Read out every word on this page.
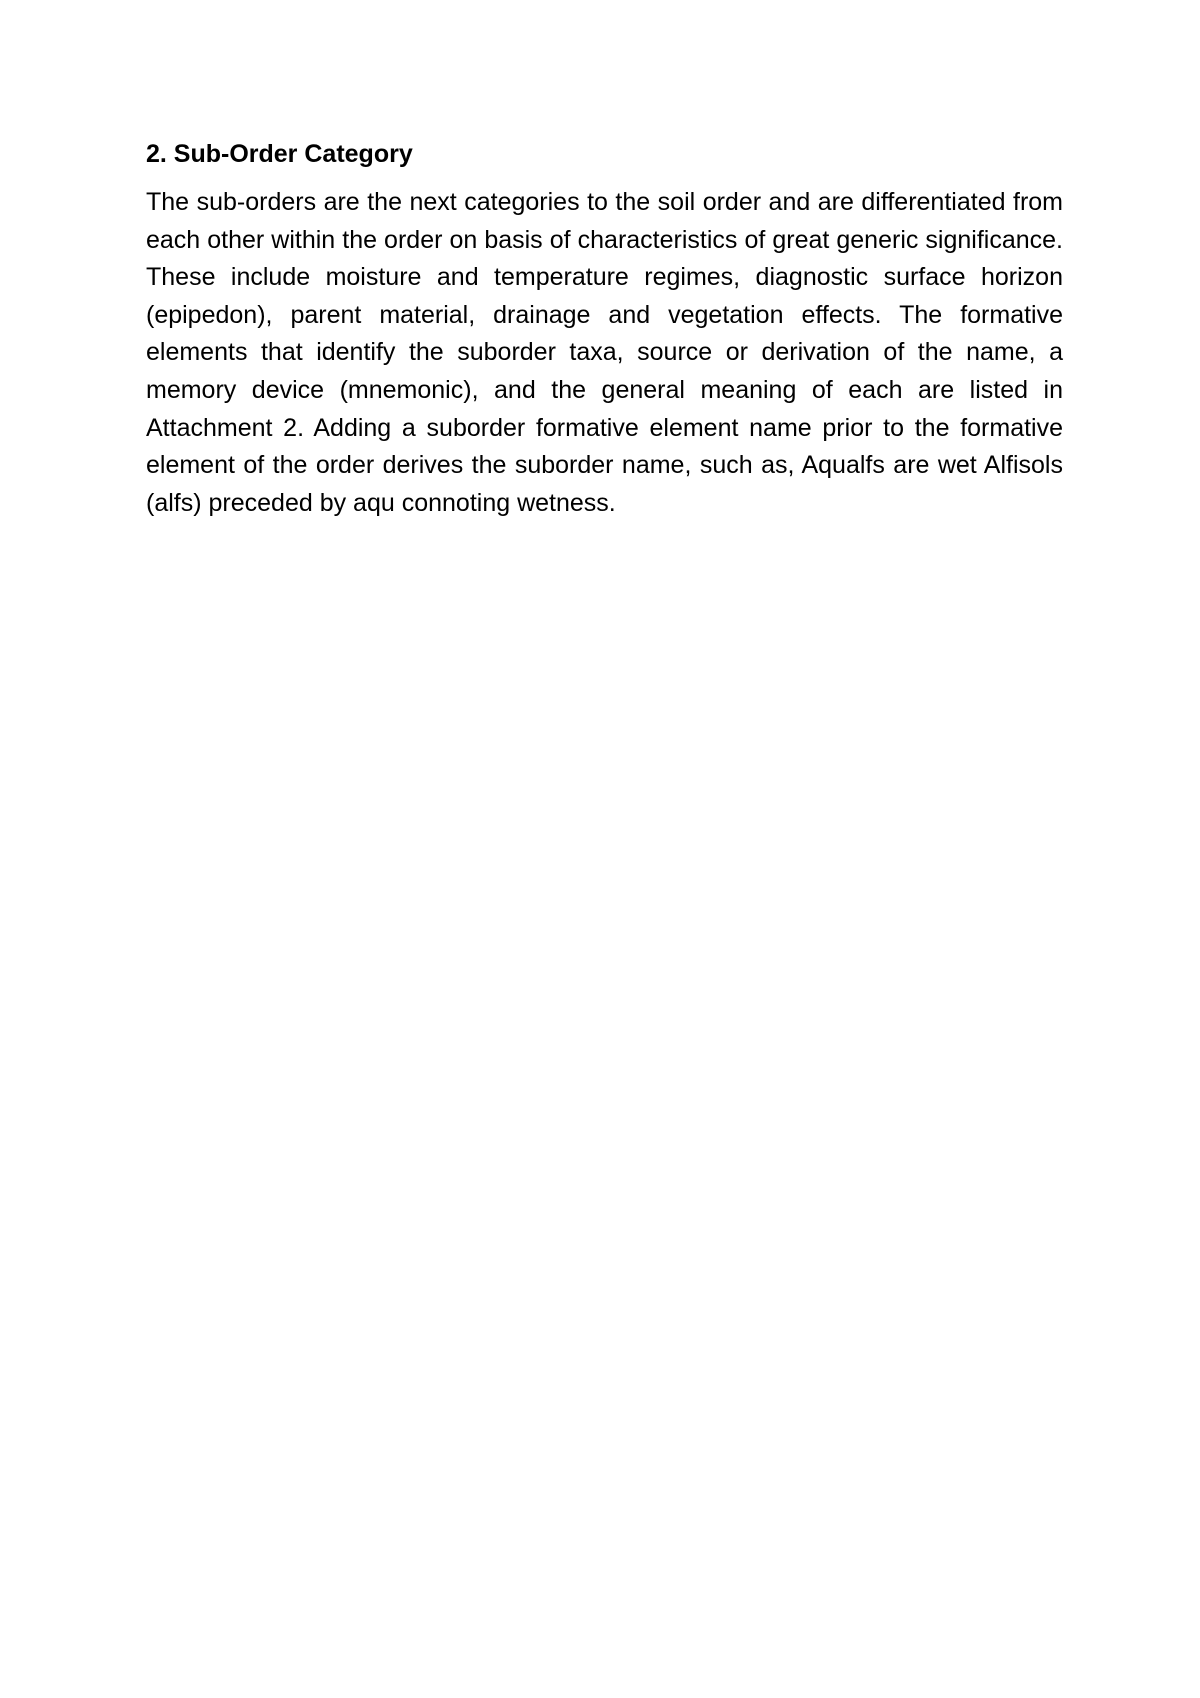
2. Sub-Order Category

The sub-orders are the next categories to the soil order and are differentiated from each other within the order on basis of characteristics of great generic significance. These include moisture and temperature regimes, diagnostic surface horizon (epipedon), parent material, drainage and vegetation effects. The formative elements that identify the suborder taxa, source or derivation of the name, a memory device (mnemonic), and the general meaning of each are listed in Attachment 2. Adding a suborder formative element name prior to the formative element of the order derives the suborder name, such as, Aqualfs are wet Alfisols (alfs) preceded by aqu connoting wetness.
